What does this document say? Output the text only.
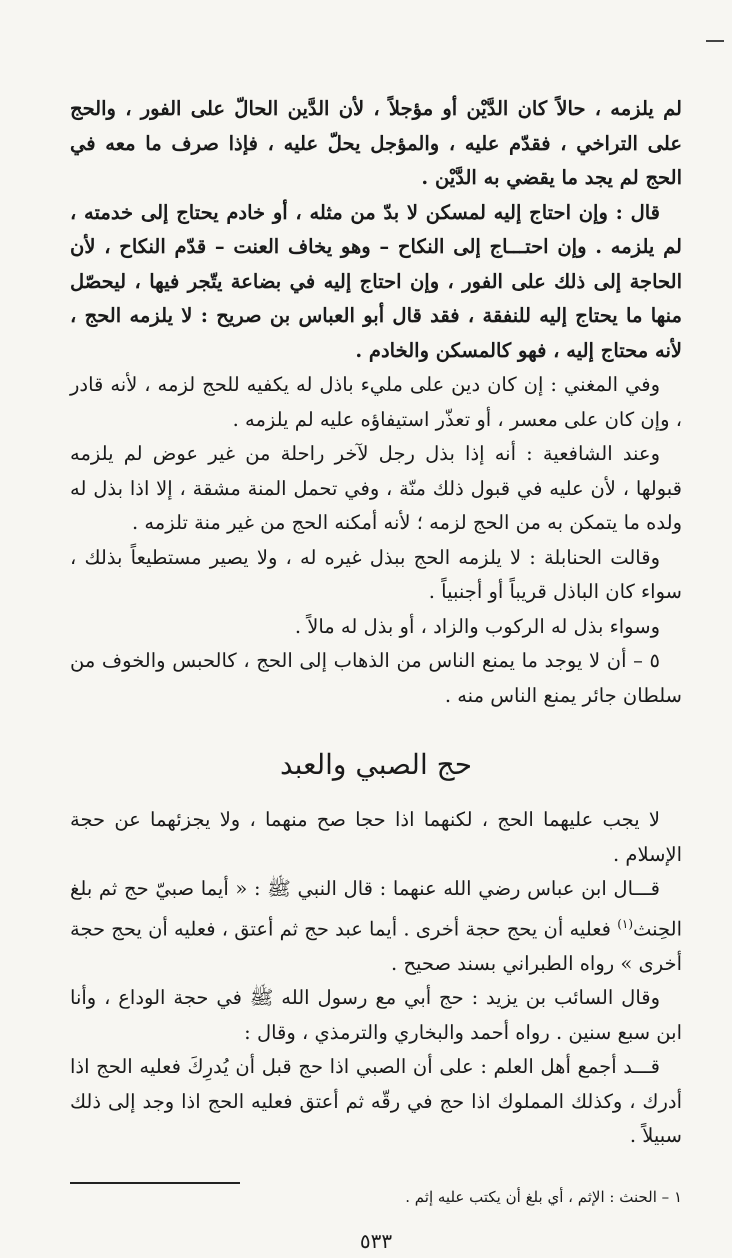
لم يلزمه ، حالاً كان الدَّيْن أو مؤجلاً ، لأن الدَّين الحالّ على الفور ، والحج على التراخي ، فقدّم عليه ، والمؤجل يحلّ عليه ، فإذا صرف ما معه في الحج لم يجد ما يقضي به الدَّيْن .

قال : وإن احتاج إليه لمسكن لا بدّ من مثله ، أو خادم يحتاج إلى خدمته ، لم يلزمه . وإن احتـــاج إلى النكاح – وهو يخاف العنت – قدّم النكاح ، لأن الحاجة إلى ذلك على الفور ، وإن احتاج إليه في بضاعة يتّجر فيها ، ليحصّل منها ما يحتاج إليه للنفقة ، فقد قال أبو العباس بن صريح : لا يلزمه الحج ، لأنه محتاج إليه ، فهو كالمسكن والخادم .

وفي المغني : إن كان دين على مليء باذل له يكفيه للحج لزمه ، لأنه قادر ، وإن كان على معسر ، أو تعذّر استيفاؤه عليه لم يلزمه .

وعند الشافعية : أنه إذا بذل رجل لآخر راحلة من غير عوض لم يلزمه قبولها ، لأن عليه في قبول ذلك منّة ، وفي تحمل المنة مشقة ، إلا اذا بذل له ولده ما يتمكن به من الحج لزمه ؛ لأنه أمكنه الحج من غير منة تلزمه .

وقالت الحنابلة : لا يلزمه الحج ببذل غيره له ، ولا يصير مستطيعاً بذلك ، سواء كان الباذل قريباً أو أجنبياً .

وسواء بذل له الركوب والزاد ، أو بذل له مالاً .

٥ – أن لا يوجد ما يمنع الناس من الذهاب إلى الحج ، كالحبس والخوف من سلطان جائر يمنع الناس منه .

حج الصبي والعبد

لا يجب عليهما الحج ، لكنهما اذا حجا صح منهما ، ولا يجزئهما عن حجة الإسلام .

قـــال ابن عباس رضي الله عنهما : قال النبي ﷺ : « أيما صبيّ حج ثم بلغ الحِنث$^{(١)}$ فعليه أن يحج حجة أخرى . أيما عبد حج ثم أعتق ، فعليه أن يحج حجة أخرى » رواه الطبراني بسند صحيح .

وقال السائب بن يزيد : حج أبي مع رسول الله ﷺ في حجة الوداع ، وأنا ابن سبع سنين . رواه أحمد والبخاري والترمذي ، وقال :

قـــد أجمع أهل العلم : على أن الصبي اذا حج قبل أن يُدرِكَ فعليه الحج اذا أدرك ، وكذلك المملوك اذا حج في رقّه ثم أعتق فعليه الحج اذا وجد إلى ذلك سبيلاً .

١ – الحنث : الإثم ، أي بلغ أن يكتب عليه إثم .

٥٣٣
